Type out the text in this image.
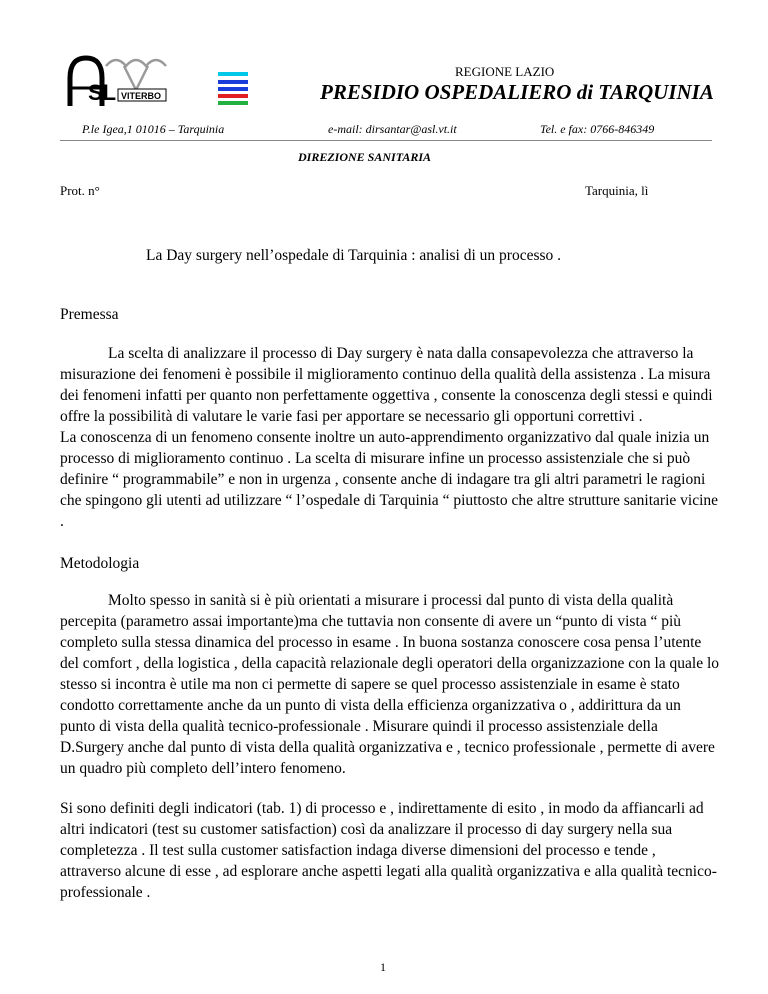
SL VITERBO
REGIONE LAZIO
PRESIDIO OSPEDALIERO di TARQUINIA
P.le Igea,1 01016 – Tarquinia	e-mail: dirsantar@asl.vt.it	Tel. e fax: 0766-846349
DIREZIONE SANITARIA
Prot. n°	Tarquinia, lì
La Day surgery nell’ospedale di Tarquinia : analisi di un processo .
Premessa

La scelta di analizzare il processo di Day surgery è nata dalla consapevolezza che attraverso la misurazione dei fenomeni è possibile il miglioramento continuo della qualità della assistenza . La misura dei fenomeni infatti per quanto non perfettamente oggettiva , consente la conoscenza degli stessi e quindi offre la possibilità di valutare le varie fasi per apportare se necessario gli opportuni correttivi .

La conoscenza di un fenomeno consente inoltre un auto-apprendimento organizzativo dal quale inizia un processo di miglioramento continuo . La scelta di misurare infine un processo assistenziale che si può definire “ programmabile” e non in urgenza , consente anche di indagare tra gli altri parametri le ragioni che spingono gli utenti ad utilizzare “ l’ospedale di Tarquinia “ piuttosto che altre strutture sanitarie vicine .

Metodologia

Molto spesso in sanità si è più orientati a misurare i processi dal punto di vista della qualità percepita (parametro assai importante)ma che tuttavia non consente di avere un “punto di vista “ più completo sulla stessa dinamica del processo in esame . In buona sostanza conoscere cosa pensa l’utente del comfort , della logistica , della capacità relazionale degli operatori della organizzazione con la quale lo stesso si incontra è utile ma non ci permette di sapere se quel processo assistenziale in esame è stato condotto correttamente anche da un punto di vista della efficienza organizzativa o , addirittura da un punto di vista della qualità tecnico-professionale . Misurare quindi il processo assistenziale della D.Surgery anche dal punto di vista della qualità organizzativa e , tecnico professionale , permette di avere un quadro più completo dell’intero fenomeno.

Si sono definiti degli indicatori (tab. 1) di processo e , indirettamente di esito , in modo da affiancarli ad altri indicatori (test su customer satisfaction) così da analizzare il processo di day surgery nella sua completezza . Il test sulla customer satisfaction indaga diverse dimensioni del processo e tende , attraverso alcune di esse , ad esplorare anche aspetti legati alla qualità organizzativa e alla qualità tecnico-professionale .

1
